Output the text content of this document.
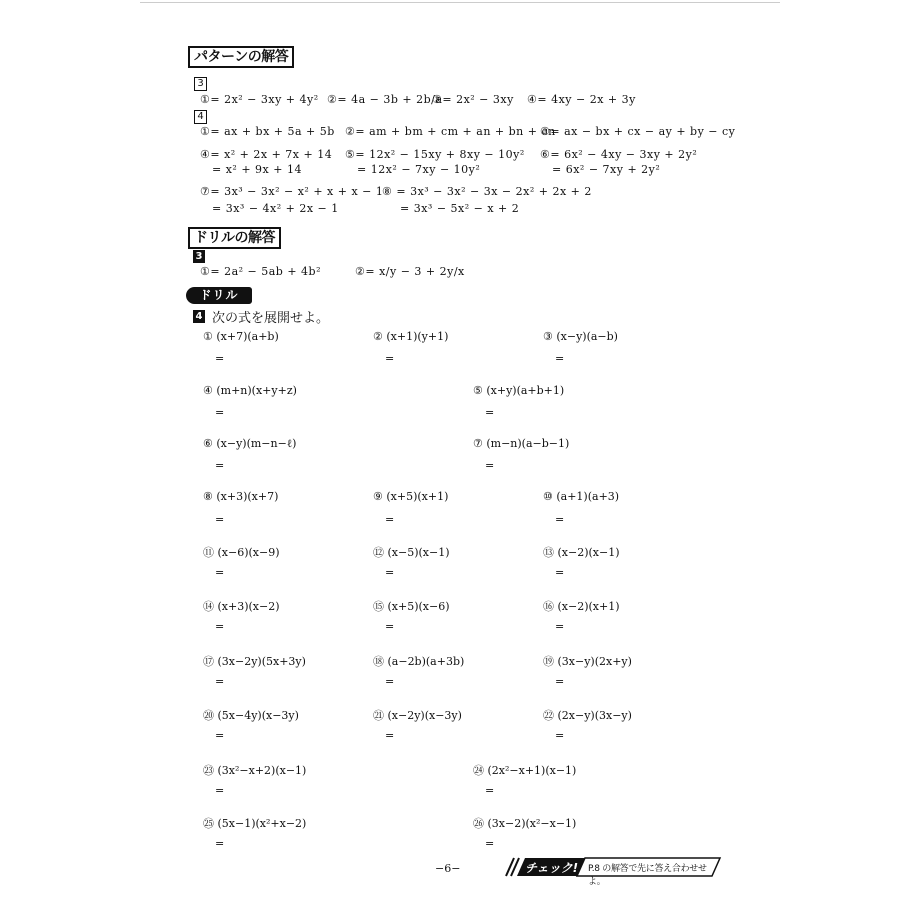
パターンの解答
3
①= 2x² − 3xy + 4y² ②= 4a − 3b + 2b/a
③= 2x² − 3xy ④= 4xy − 2x + 3y
4
①= ax + bx + 5a + 5b ②= am + bm + cm + an + bn + cn
③= ax − bx + cx − ay + by − cy
④= x² + 2x + 7x + 14
= x² + 9x + 14
⑤= 12x² − 15xy + 8xy − 10y²
= 12x² − 7xy − 10y²
⑥= 6x² − 4xy − 3xy + 2y²
= 6x² − 7xy + 2y²
⑦= 3x³ − 3x² − x² + x + x − 1
= 3x³ − 4x² + 2x − 1
⑧ = 3x³ − 3x² − 3x − 2x² + 2x + 2
= 3x³ − 5x² − x + 2
ドリルの解答
3
①= 2a² − 5ab + 4b²	②= x/y − 3 + 2y/x
ドリル
4 次の式を展開せよ。
① (x+7)(a+b)
=
② (x+1)(y+1)
=
③ (x−y)(a−b)
=
④ (m+n)(x+y+z)
=
⑤ (x+y)(a+b+1)
=
⑥ (x−y)(m−n−ℓ)
=
⑦ (m−n)(a−b−1)
=
⑧ (x+3)(x+7)
=
⑨ (x+5)(x+1)
=
⑩ (a+1)(a+3)
=
⑪ (x−6)(x−9)
=
⑫ (x−5)(x−1)
=
⑬ (x−2)(x−1)
=
⑭ (x+3)(x−2)
=
⑮ (x+5)(x−6)
=
⑯ (x−2)(x+1)
=
⑰ (3x−2y)(5x+3y)
=
⑱ (a−2b)(a+3b)
=
⑲ (3x−y)(2x+y)
=
⑳ (5x−4y)(x−3y)
=
㉑ (x−2y)(x−3y)
=
㉒ (2x−y)(3x−y)
=
㉓ (3x²−x+2)(x−1)
=
㉔ (2x²−x+1)(x−1)
=
㉕ (5x−1)(x²+x−2)
=
㉖ (3x−2)(x²−x−1)
=
−6−	チェック! P.8 の解答で先に答え合わせせよ。
